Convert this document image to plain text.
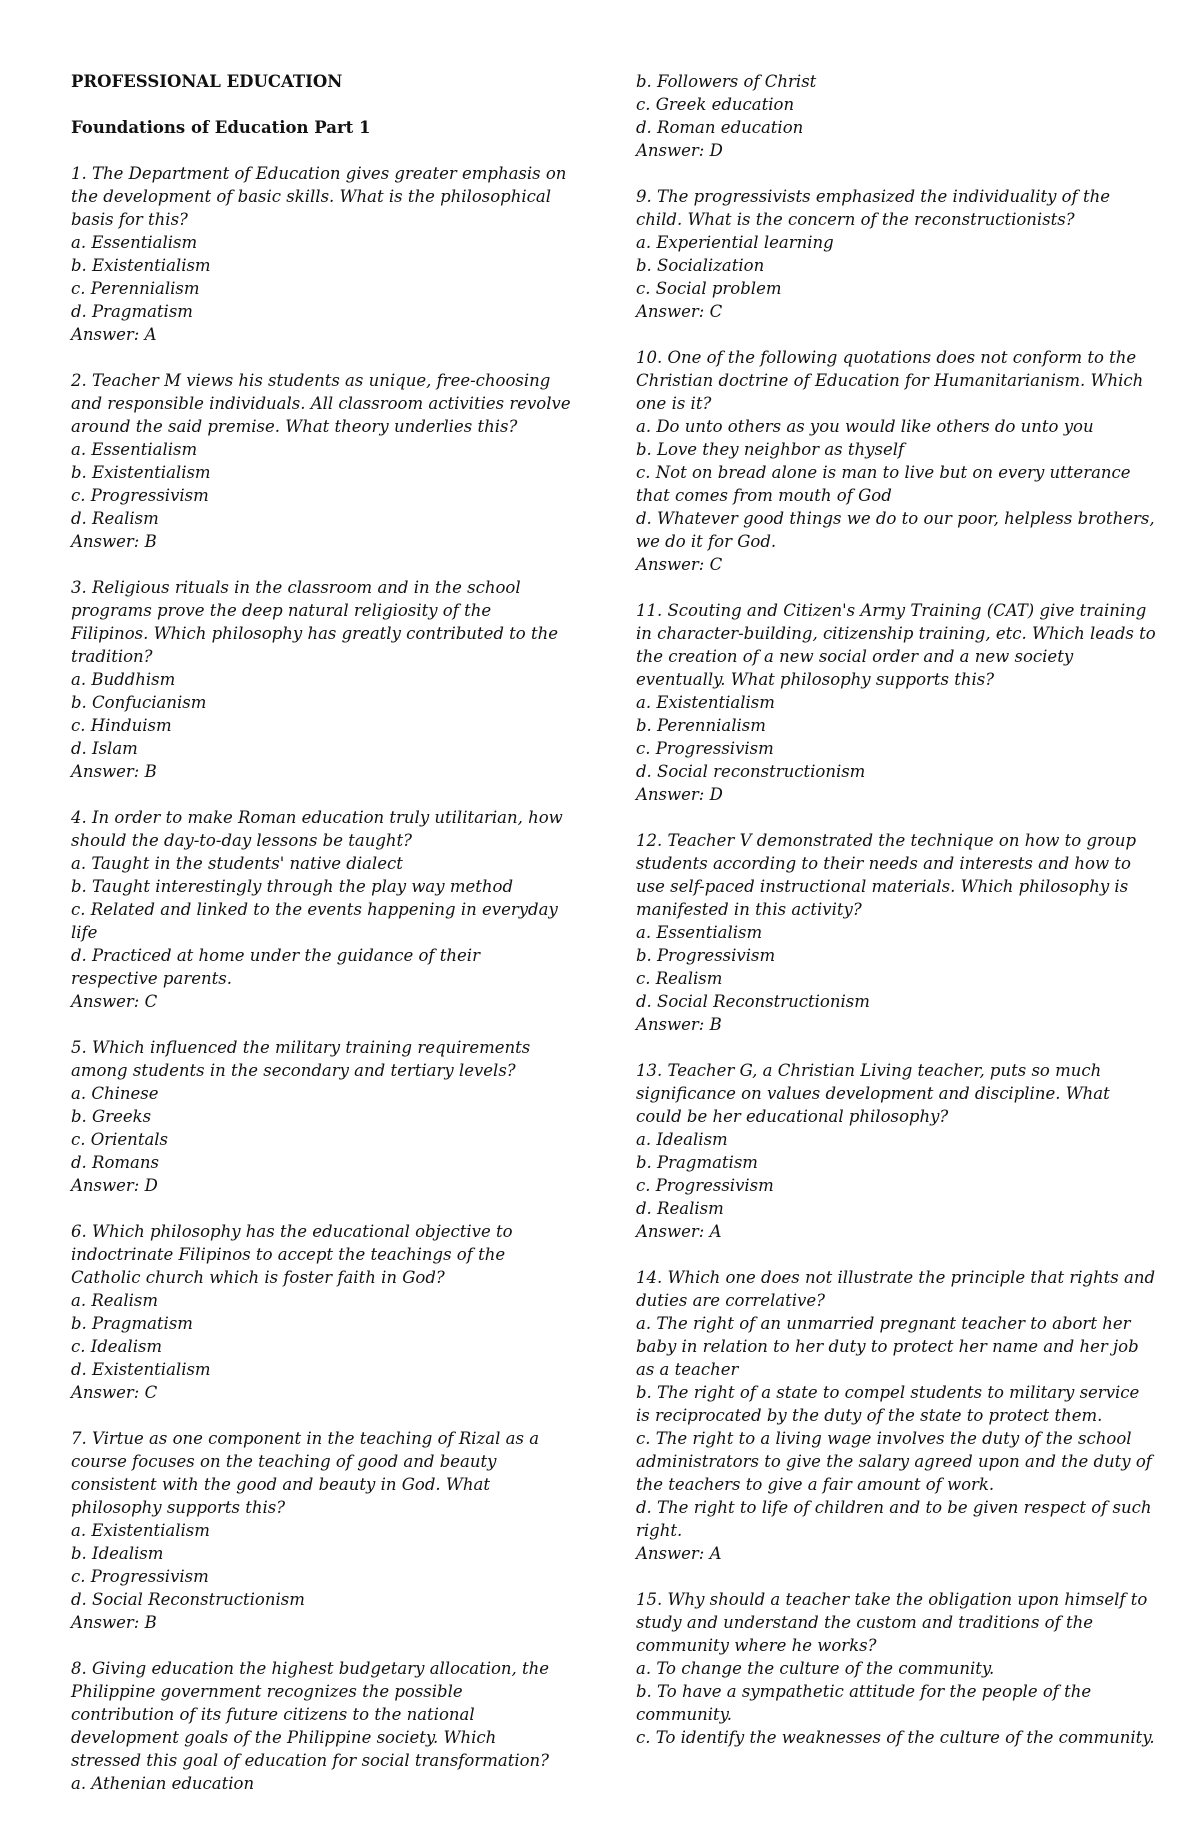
PROFESSIONAL EDUCATION

Foundations of Education Part 1

1. The Department of Education gives greater emphasis on the development of basic skills. What is the philosophical basis for this?
a. Essentialism
b. Existentialism
c. Perennialism
d. Pragmatism
Answer: A

2. Teacher M views his students as unique, free-choosing and responsible individuals. All classroom activities revolve around the said premise. What theory underlies this?
a. Essentialism
b. Existentialism
c. Progressivism
d. Realism
Answer: B

3. Religious rituals in the classroom and in the school programs prove the deep natural religiosity of the Filipinos. Which philosophy has greatly contributed to the tradition?
a. Buddhism
b. Confucianism
c. Hinduism
d. Islam
Answer: B

4. In order to make Roman education truly utilitarian, how should the day-to-day lessons be taught?
a. Taught in the students' native dialect
b. Taught interestingly through the play way method
c. Related and linked to the events happening in everyday life
d. Practiced at home under the guidance of their respective parents.
Answer: C

5. Which influenced the military training requirements among students in the secondary and tertiary levels?
a. Chinese
b. Greeks
c. Orientals
d. Romans
Answer: D

6. Which philosophy has the educational objective to indoctrinate Filipinos to accept the teachings of the Catholic church which is foster faith in God?
a. Realism
b. Pragmatism
c. Idealism
d. Existentialism
Answer: C

7. Virtue as one component in the teaching of Rizal as a course focuses on the teaching of good and beauty consistent with the good and beauty in God. What philosophy supports this?
a. Existentialism
b. Idealism
c. Progressivism
d. Social Reconstructionism
Answer: B

8. Giving education the highest budgetary allocation, the Philippine government recognizes the possible contribution of its future citizens to the national development goals of the Philippine society. Which stressed this goal of education for social transformation?
a. Athenian education

b. Followers of Christ
c. Greek education
d. Roman education
Answer: D

9. The progressivists emphasized the individuality of the child. What is the concern of the reconstructionists?
a. Experiential learning
b. Socialization
c. Social problem
Answer: C

10. One of the following quotations does not conform to the Christian doctrine of Education for Humanitarianism. Which one is it?
a. Do unto others as you would like others do unto you
b. Love they neighbor as thyself
c. Not on bread alone is man to live but on every utterance that comes from mouth of God
d. Whatever good things we do to our poor, helpless brothers, we do it for God.
Answer: C

11. Scouting and Citizen's Army Training (CAT) give training in character-building, citizenship training, etc. Which leads to the creation of a new social order and a new society eventually. What philosophy supports this?
a. Existentialism
b. Perennialism
c. Progressivism
d. Social reconstructionism
Answer: D

12. Teacher V demonstrated the technique on how to group students according to their needs and interests and how to use self-paced instructional materials. Which philosophy is manifested in this activity?
a. Essentialism
b. Progressivism
c. Realism
d. Social Reconstructionism
Answer: B

13. Teacher G, a Christian Living teacher, puts so much significance on values development and discipline. What could be her educational philosophy?
a. Idealism
b. Pragmatism
c. Progressivism
d. Realism
Answer: A

14. Which one does not illustrate the principle that rights and duties are correlative?
a. The right of an unmarried pregnant teacher to abort her baby in relation to her duty to protect her name and her job as a teacher
b. The right of a state to compel students to military service is reciprocated by the duty of the state to protect them.
c. The right to a living wage involves the duty of the school administrators to give the salary agreed upon and the duty of the teachers to give a fair amount of work.
d. The right to life of children and to be given respect of such right.
Answer: A

15. Why should a teacher take the obligation upon himself to study and understand the custom and traditions of the community where he works?
a. To change the culture of the community.
b. To have a sympathetic attitude for the people of the community.
c. To identify the weaknesses of the culture of the community.
